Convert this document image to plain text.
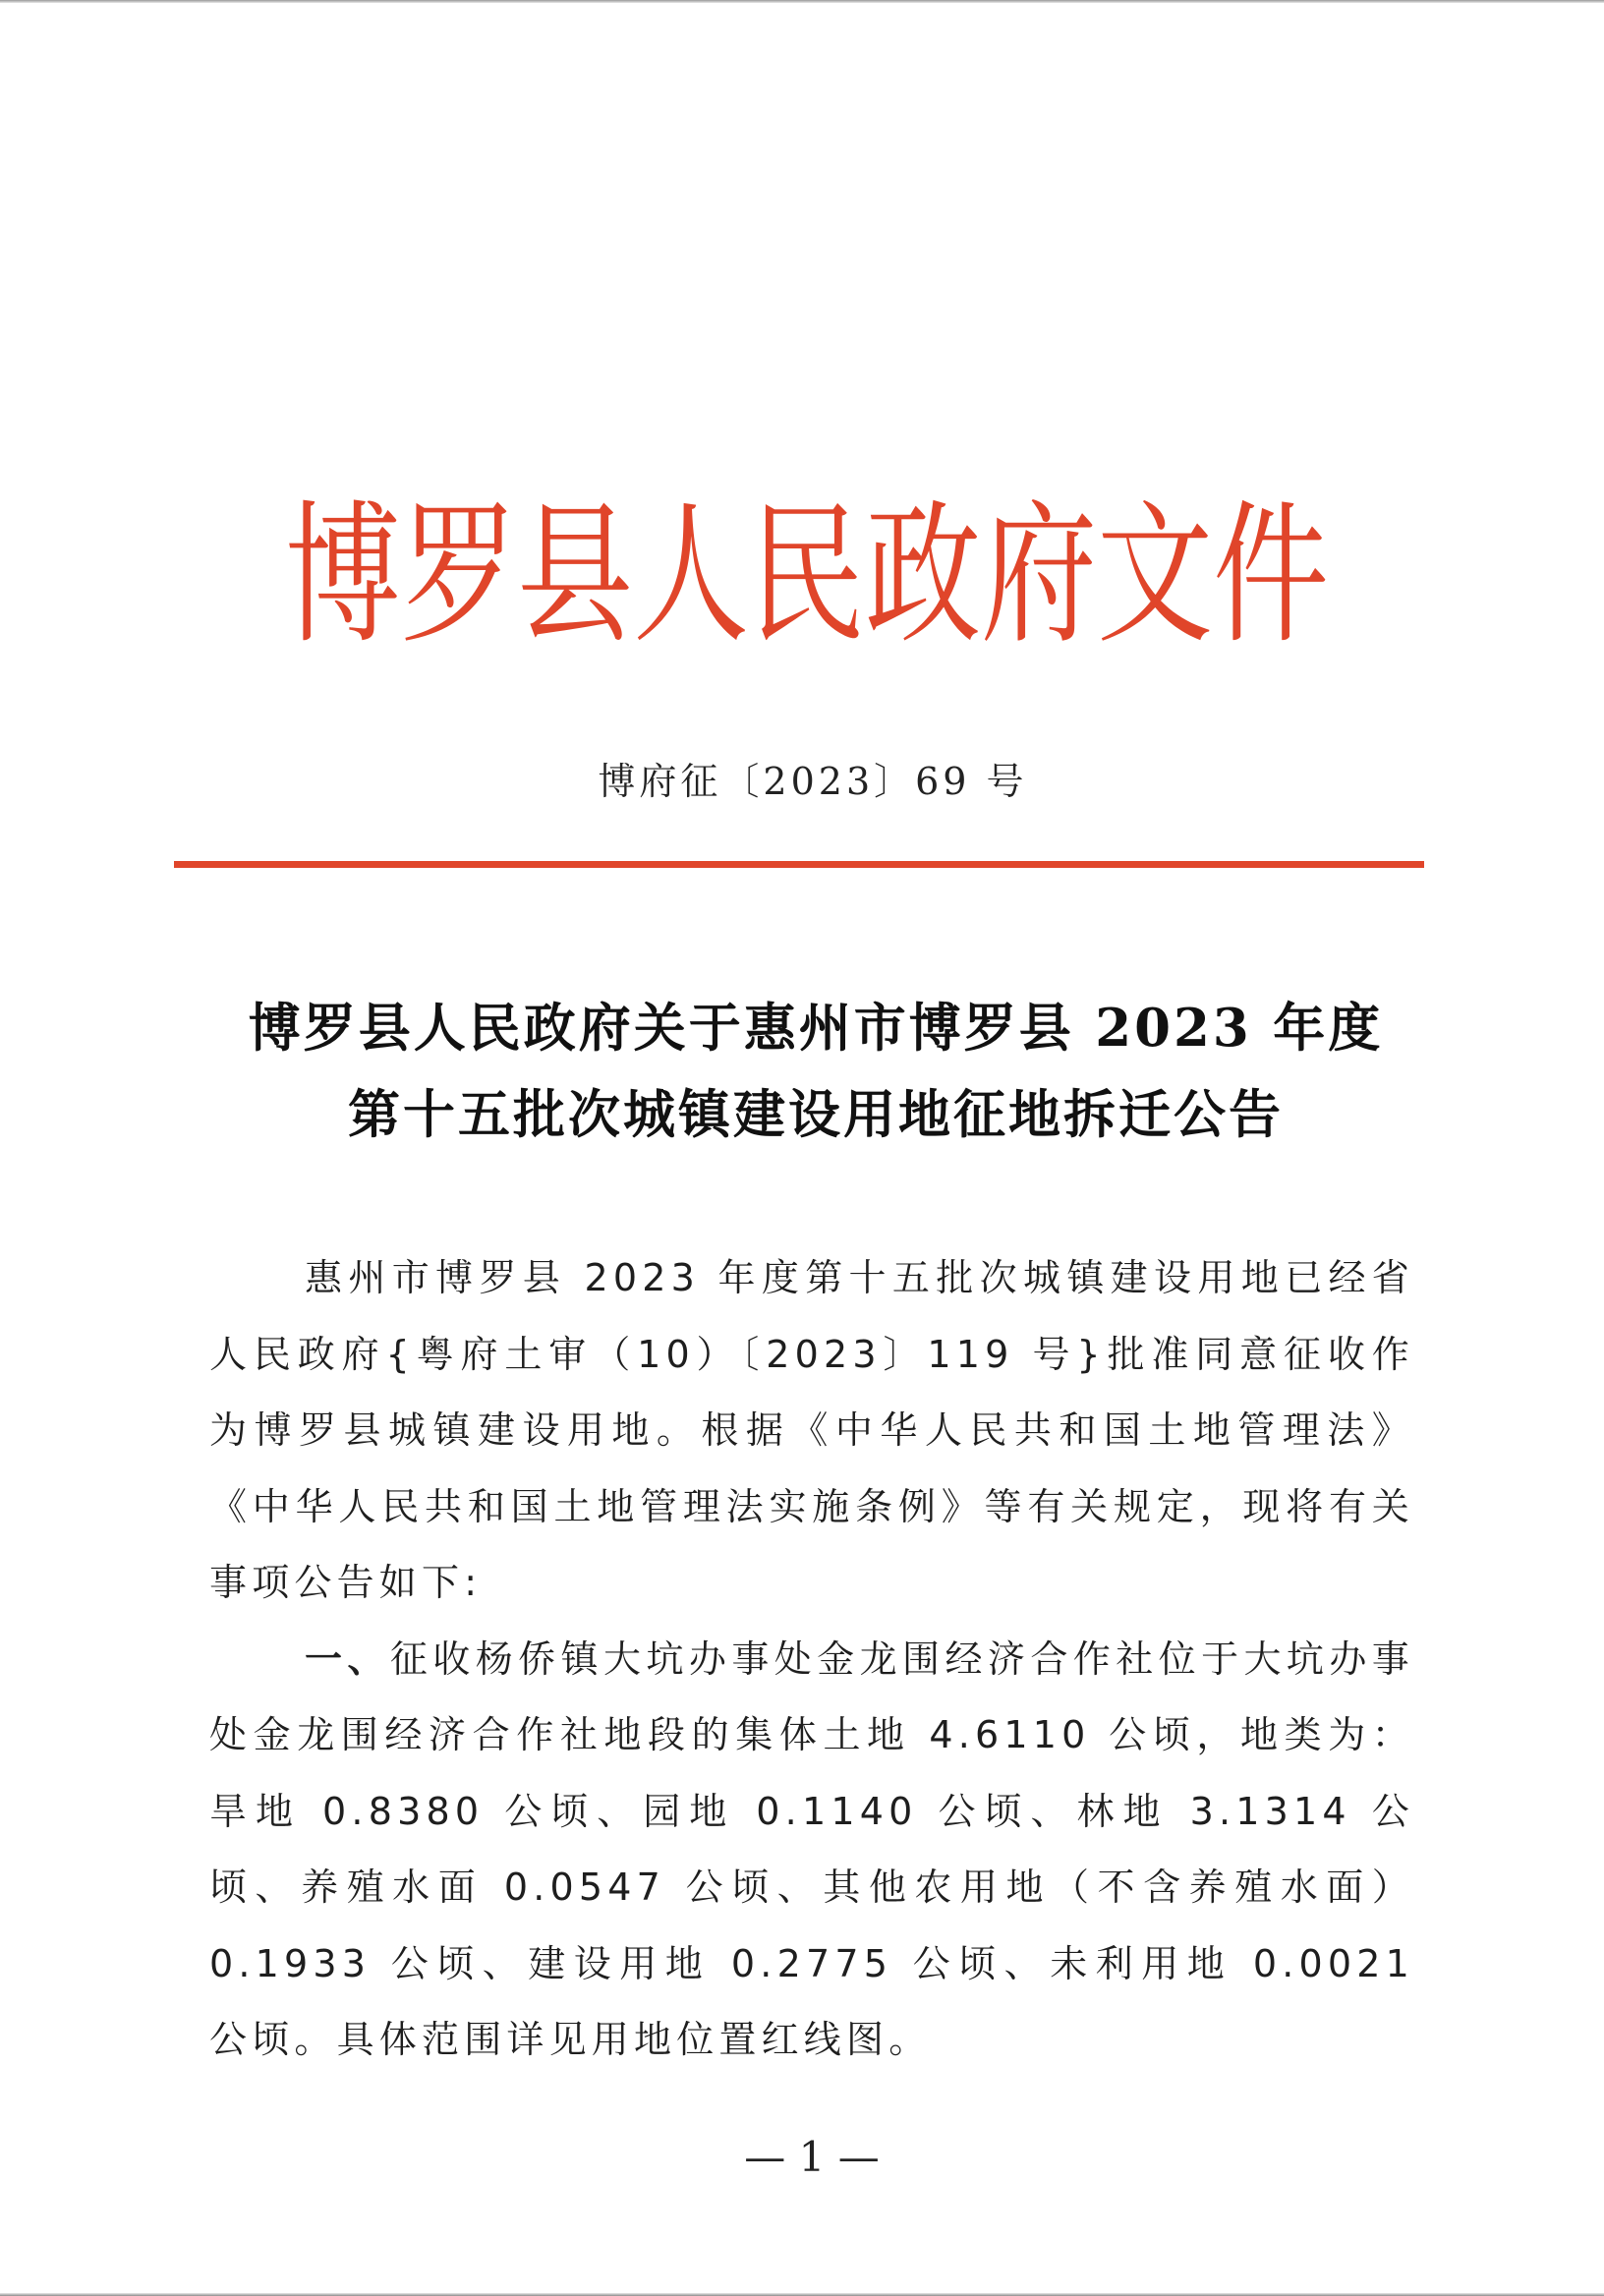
博 罗 县 人 民 政 府 文 件
博府征〔2023〕69 号
博罗县人民政府关于惠州市博罗县 2023 年度
第十五批次城镇建设用地征地拆迁公告

惠州市博罗县 2023 年度第十五批次城镇建设用地已经省人民政府{粤府土审（10）〔2023〕119 号}批准同意征收作为博罗县城镇建设用地。根据《中华人民共和国土地管理法》《中华人民共和国土地管理法实施条例》等有关规定，现将有关事项公告如下:

一、征收杨侨镇大坑办事处金龙围经济合作社位于大坑办事处金龙围经济合作社地段的集体土地 4.6110 公顷，地类为：旱地 0.8380 公顷、园地 0.1140 公顷、林地 3.1314 公顷、养殖水面 0.0547 公顷、其他农用地（不含养殖水面）0.1933 公顷、建设用地 0.2775 公顷、未利用地 0.0021 公顷。具体范围详见用地位置红线图。

— 1 —
